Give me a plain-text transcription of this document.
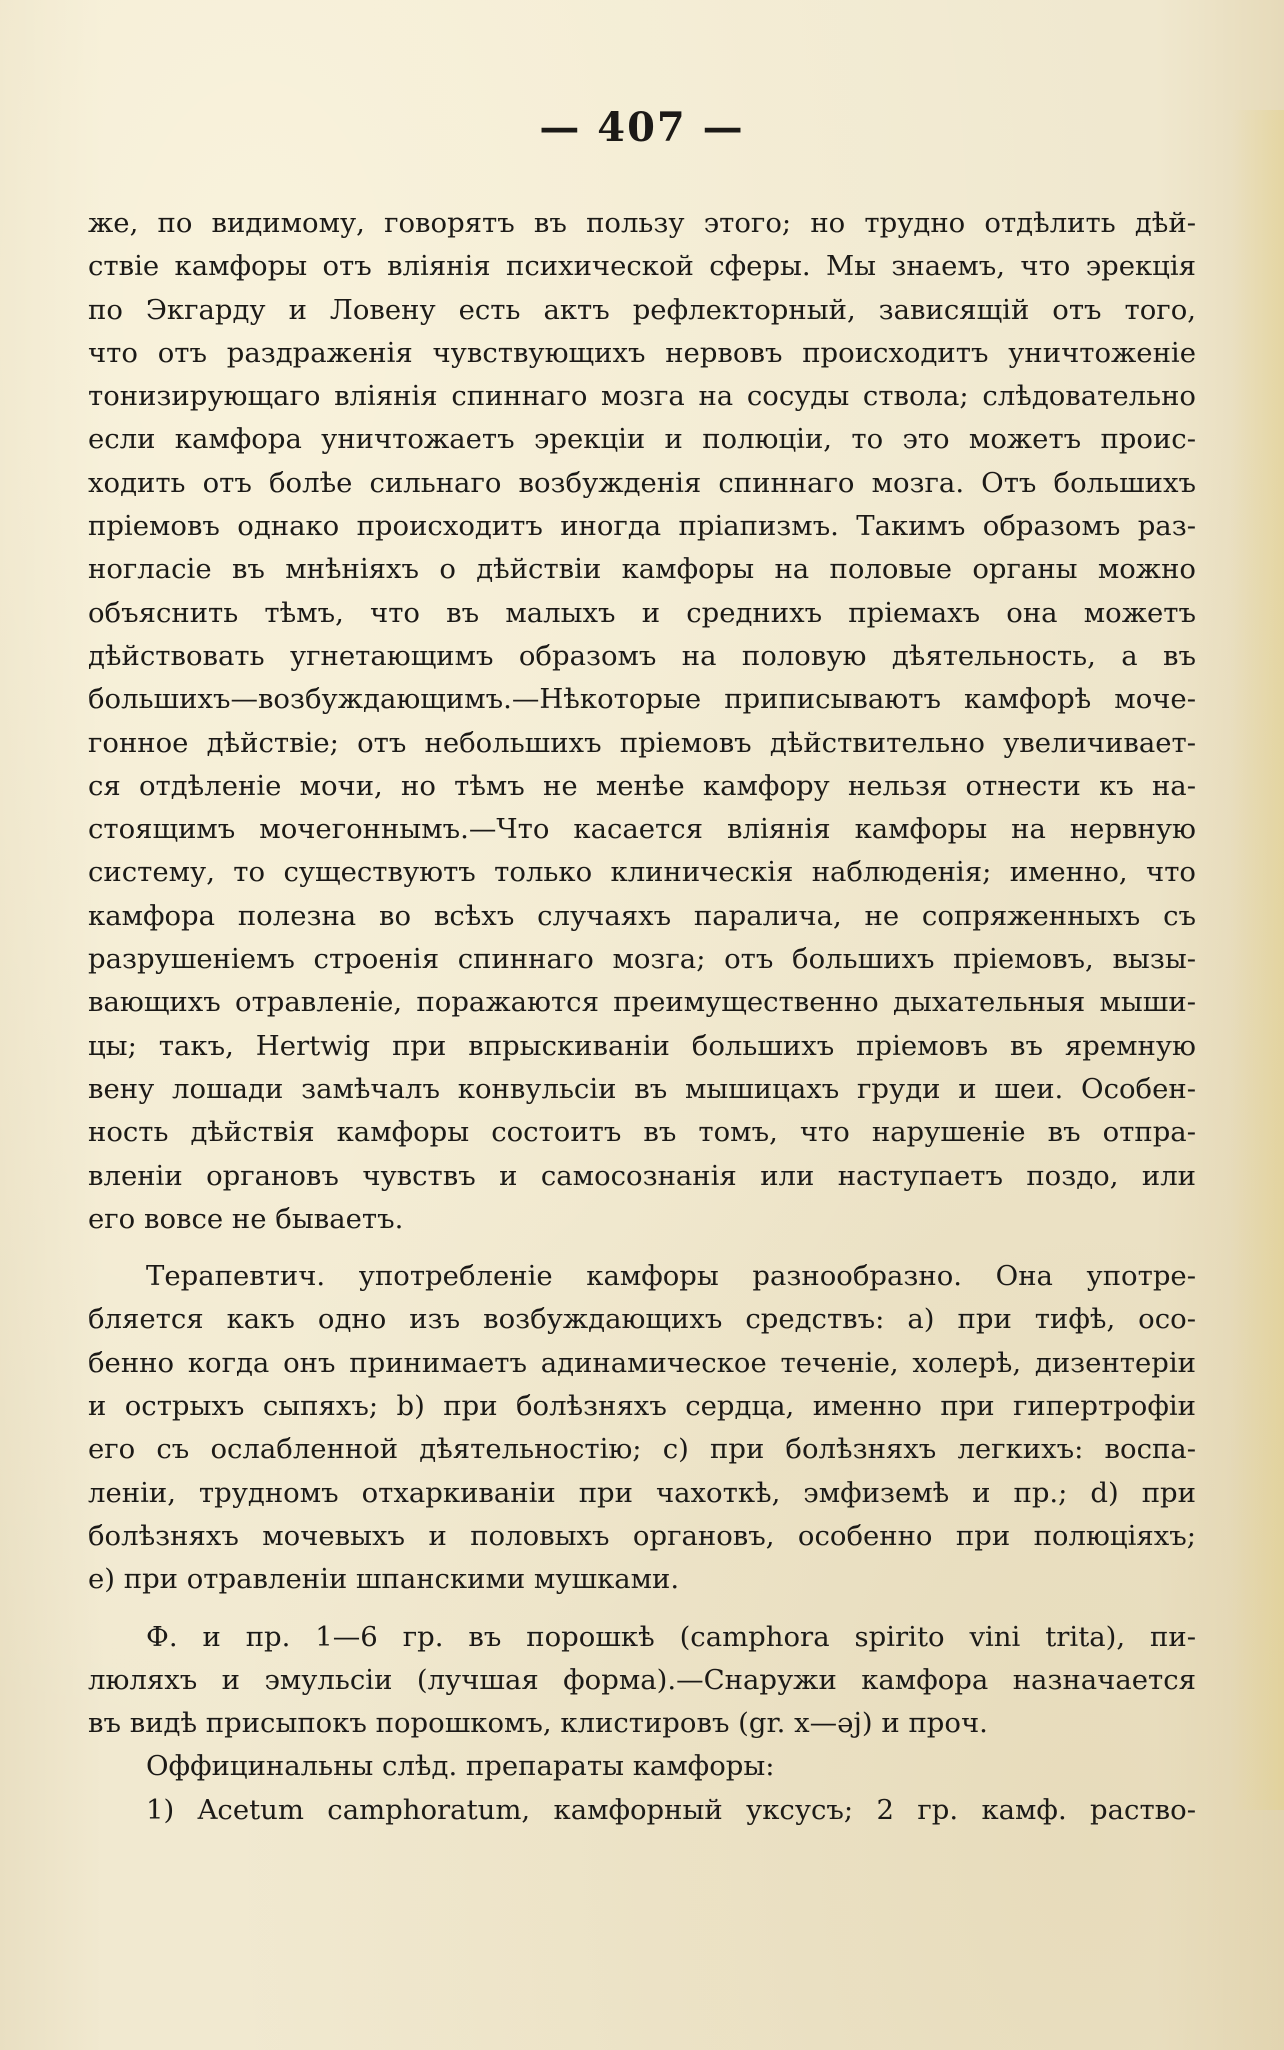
— 407 —
же, по видимому, говорятъ въ пользу этого; но трудно отдѣлить дѣй-
ствіе камфоры отъ вліянія психической сферы. Мы знаемъ, что эрекція
по Экгарду и Ловену есть актъ рефлекторный, зависящій отъ того,
что отъ раздраженія чувствующихъ нервовъ происходитъ уничтоженіе
тонизирующаго вліянія спиннаго мозга на сосуды ствола; слѣдовательно
если камфора уничтожаетъ эрекціи и полюціи, то это можетъ проис-
ходить отъ болѣе сильнаго возбужденія спиннаго мозга. Отъ большихъ
пріемовъ однако происходитъ иногда пріапизмъ. Такимъ образомъ раз-
ногласіе въ мнѣніяхъ о дѣйствіи камфоры на половые органы можно
объяснить тѣмъ, что въ малыхъ и среднихъ пріемахъ она можетъ
дѣйствовать угнетающимъ образомъ на половую дѣятельность, а въ
большихъ—возбуждающимъ.—Нѣкоторые приписываютъ камфорѣ моче-
гонное дѣйствіе; отъ небольшихъ пріемовъ дѣйствительно увеличивает-
ся отдѣленіе мочи, но тѣмъ не менѣе камфору нельзя отнести къ на-
стоящимъ мочегоннымъ.—Что касается вліянія камфоры на нервную
систему, то существуютъ только клиническія наблюденія; именно, что
камфора полезна во всѣхъ случаяхъ паралича, не сопряженныхъ съ
разрушеніемъ строенія спиннаго мозга; отъ большихъ пріемовъ, вызы-
вающихъ отравленіе, поражаются преимущественно дыхательныя мыши-
цы; такъ, Hertwig при впрыскиваніи большихъ пріемовъ въ яремную
вену лошади замѣчалъ конвульсіи въ мышицахъ груди и шеи. Особен-
ность дѣйствія камфоры состоитъ въ томъ, что нарушеніе въ отпра-
вленіи органовъ чувствъ и самосознанія или наступаетъ поздо, или
его вовсе не бываетъ.
Терапевтич. употребленіе камфоры разнообразно. Она употре-
бляется какъ одно изъ возбуждающихъ средствъ: a) при тифѣ, осо-
бенно когда онъ принимаетъ адинамическое теченіе, холерѣ, дизентеріи
и острыхъ сыпяхъ; b) при болѣзняхъ сердца, именно при гипертрофіи
его съ ослабленной дѣятельностію; c) при болѣзняхъ легкихъ: воспа-
леніи, трудномъ отхаркиваніи при чахоткѣ, эмфиземѣ и пр.; d) при
болѣзняхъ мочевыхъ и половыхъ органовъ, особенно при полюціяхъ;
e) при отравленіи шпанскими мушками.
Ф. и пр. 1—6 гр. въ порошкѣ (camphora spirito vini trita), пи-
люляхъ и эмульсіи (лучшая форма).—Снаружи камфора назначается
въ видѣ присыпокъ порошкомъ, клистировъ (gr. x—əj) и проч.
Оффицинальны слѣд. препараты камфоры:
1) Acetum camphoratum, камфорный уксусъ; 2 гр. камф. раство-
